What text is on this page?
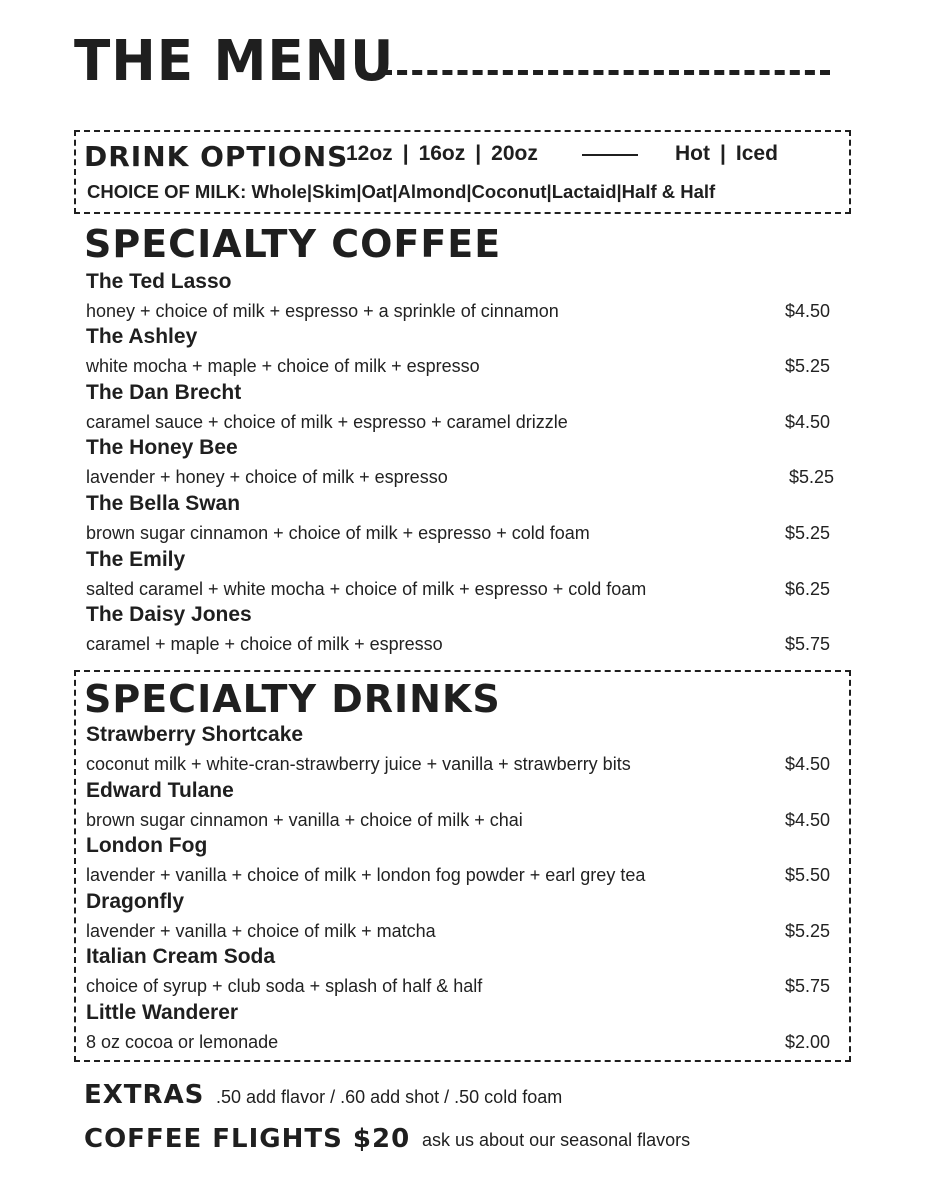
THE MENU
DRINK OPTIONS
12oz | 16oz | 20oz	Hot | Iced
CHOICE OF MILK: Whole|Skim|Oat|Almond|Coconut|Lactaid|Half & Half
SPECIALTY COFFEE
The Ted Lasso
honey + choice of milk + espresso + a sprinkle of cinnamon	$4.50
The Ashley
white mocha + maple + choice of milk + espresso	$5.25
The Dan Brecht
caramel sauce + choice of milk + espresso + caramel drizzle	$4.50
The Honey Bee
lavender + honey + choice of milk + espresso	$5.25
The Bella Swan
brown sugar cinnamon + choice of milk + espresso + cold foam	$5.25
The Emily
salted caramel + white mocha + choice of milk + espresso + cold foam	$6.25
The Daisy Jones
caramel + maple + choice of milk + espresso	$5.75
SPECIALTY DRINKS
Strawberry Shortcake
coconut milk + white-cran-strawberry juice + vanilla + strawberry bits	$4.50
Edward Tulane
brown sugar cinnamon + vanilla + choice of milk + chai	$4.50
London Fog
lavender + vanilla + choice of milk + london fog powder + earl grey tea	$5.50
Dragonfly
lavender + vanilla + choice of milk + matcha	$5.25
Italian Cream Soda
choice of syrup + club soda + splash of half & half	$5.75
Little Wanderer
8 oz cocoa or lemonade	$2.00
EXTRAS .50 add flavor / .60 add shot / .50 cold foam
COFFEE FLIGHTS $20 ask us about our seasonal flavors
